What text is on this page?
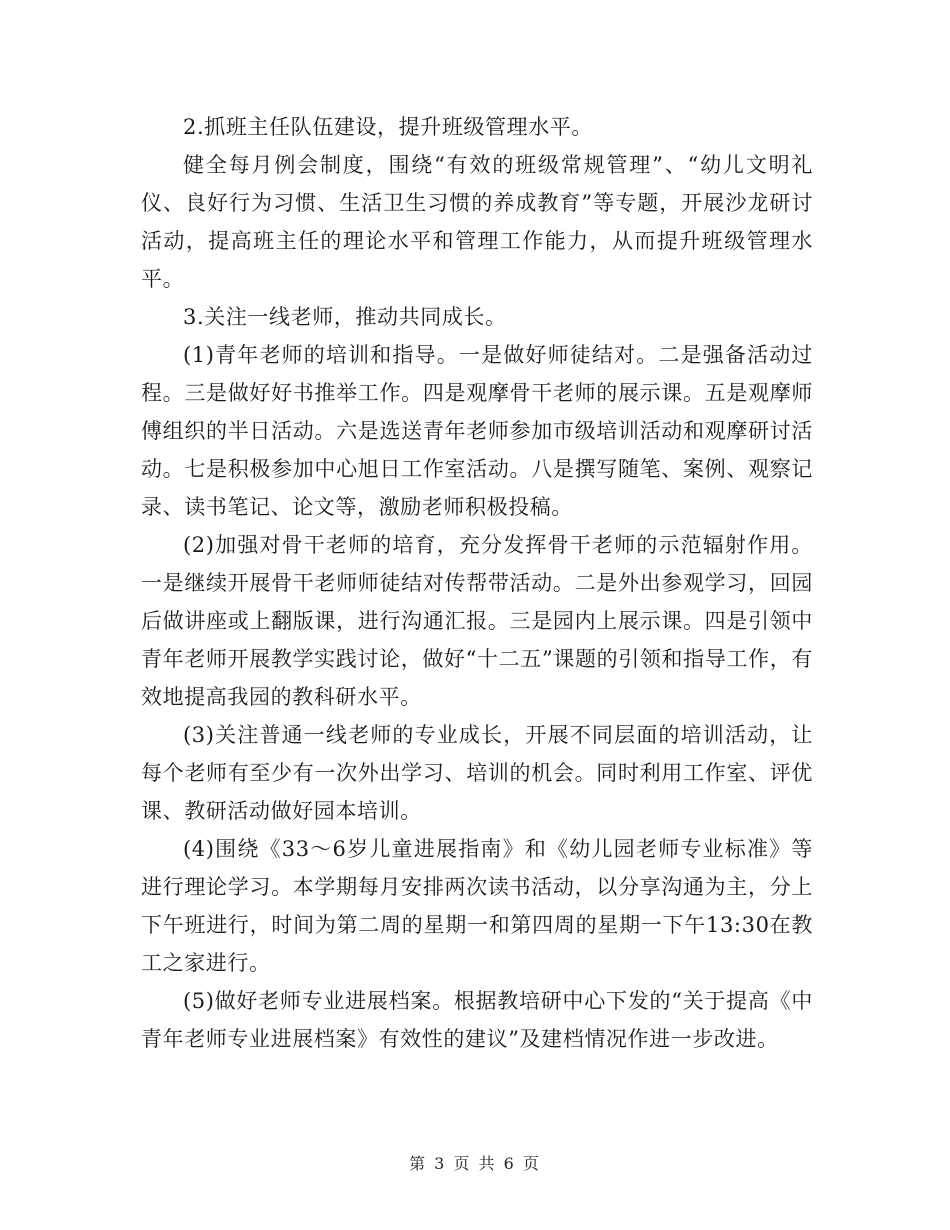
2.抓班主任队伍建设，提升班级管理水平。

健全每月例会制度，围绕“有效的班级常规管理”、“幼儿文明礼仪、良好行为习惯、生活卫生习惯的养成教育”等专题，开展沙龙研讨活动，提高班主任的理论水平和管理工作能力，从而提升班级管理水平。

3.关注一线老师，推动共同成长。

(1)青年老师的培训和指导。一是做好师徒结对。二是强备活动过程。三是做好好书推举工作。四是观摩骨干老师的展示课。五是观摩师傅组织的半日活动。六是选送青年老师参加市级培训活动和观摩研讨活动。七是积极参加中心旭日工作室活动。八是撰写随笔、案例、观察记录、读书笔记、论文等，激励老师积极投稿。

(2)加强对骨干老师的培育，充分发挥骨干老师的示范辐射作用。一是继续开展骨干老师师徒结对传帮带活动。二是外出参观学习，回园后做讲座或上翻版课，进行沟通汇报。三是园内上展示课。四是引领中青年老师开展教学实践讨论，做好“十二五”课题的引领和指导工作，有效地提高我园的教科研水平。

(3)关注普通一线老师的专业成长，开展不同层面的培训活动，让每个老师有至少有一次外出学习、培训的机会。同时利用工作室、评优课、教研活动做好园本培训。

(4)围绕《33～6岁儿童进展指南》和《幼儿园老师专业标准》等进行理论学习。本学期每月安排两次读书活动，以分享沟通为主，分上下午班进行，时间为第二周的星期一和第四周的星期一下午13:30在教工之家进行。

(5)做好老师专业进展档案。根据教培研中心下发的“关于提高《中青年老师专业进展档案》有效性的建议”及建档情况作进一步改进。

第 3 页 共 6 页
